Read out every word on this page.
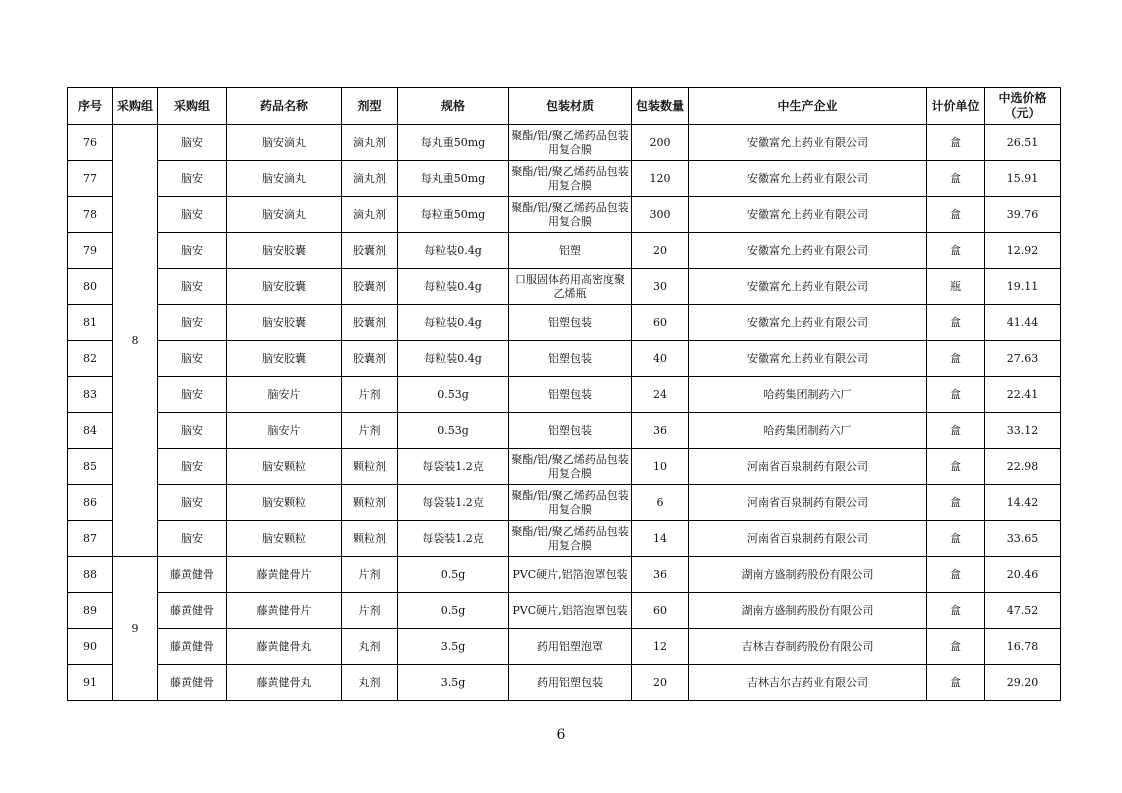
序号	采购组	采购组	药品名称	剂型	规格	包装材质	包装数量	中生产企业	计价单位	中选价格
（元）

76	8	脑安	脑安滴丸	滴丸剂	每丸重50mg	聚酯/铝/聚乙烯药品包装用复合膜	200	安徽富允上药业有限公司	盒	26.51
77		脑安	脑安滴丸	滴丸剂	每丸重50mg	聚酯/铝/聚乙烯药品包装用复合膜	120	安徽富允上药业有限公司	盒	15.91
78		脑安	脑安滴丸	滴丸剂	每粒重50mg	聚酯/铝/聚乙烯药品包装用复合膜	300	安徽富允上药业有限公司	盒	39.76
79		脑安	脑安胶囊	胶囊剂	每粒装0.4g	铝塑	20	安徽富允上药业有限公司	盒	12.92
80		脑安	脑安胶囊	胶囊剂	每粒装0.4g	口服固体药用高密度聚乙烯瓶	30	安徽富允上药业有限公司	瓶	19.11
81		脑安	脑安胶囊	胶囊剂	每粒装0.4g	铝塑包装	60	安徽富允上药业有限公司	盒	41.44
82		脑安	脑安胶囊	胶囊剂	每粒装0.4g	铝塑包装	40	安徽富允上药业有限公司	盒	27.63
83		脑安	脑安片	片剂	0.53g	铝塑包装	24	哈药集团制药六厂	盒	22.41
84		脑安	脑安片	片剂	0.53g	铝塑包装	36	哈药集团制药六厂	盒	33.12
85		脑安	脑安颗粒	颗粒剂	每袋装1.2克	聚酯/铝/聚乙烯药品包装用复合膜	10	河南省百泉制药有限公司	盒	22.98
86		脑安	脑安颗粒	颗粒剂	每袋装1.2克	聚酯/铝/聚乙烯药品包装用复合膜	6	河南省百泉制药有限公司	盒	14.42
87		脑安	脑安颗粒	颗粒剂	每袋装1.2克	聚酯/铝/聚乙烯药品包装用复合膜	14	河南省百泉制药有限公司	盒	33.65
88	9	藤黄健骨	藤黄健骨片	片剂	0.5g	PVC硬片,铝箔泡罩包装	36	湖南方盛制药股份有限公司	盒	20.46
89		藤黄健骨	藤黄健骨片	片剂	0.5g	PVC硬片,铝箔泡罩包装	60	湖南方盛制药股份有限公司	盒	47.52
90		藤黄健骨	藤黄健骨丸	丸剂	3.5g	药用铝塑泡罩	12	吉林吉春制药股份有限公司	盒	16.78
91		藤黄健骨	藤黄健骨丸	丸剂	3.5g	药用铝塑包装	20	吉林吉尔吉药业有限公司	盒	29.20
6
